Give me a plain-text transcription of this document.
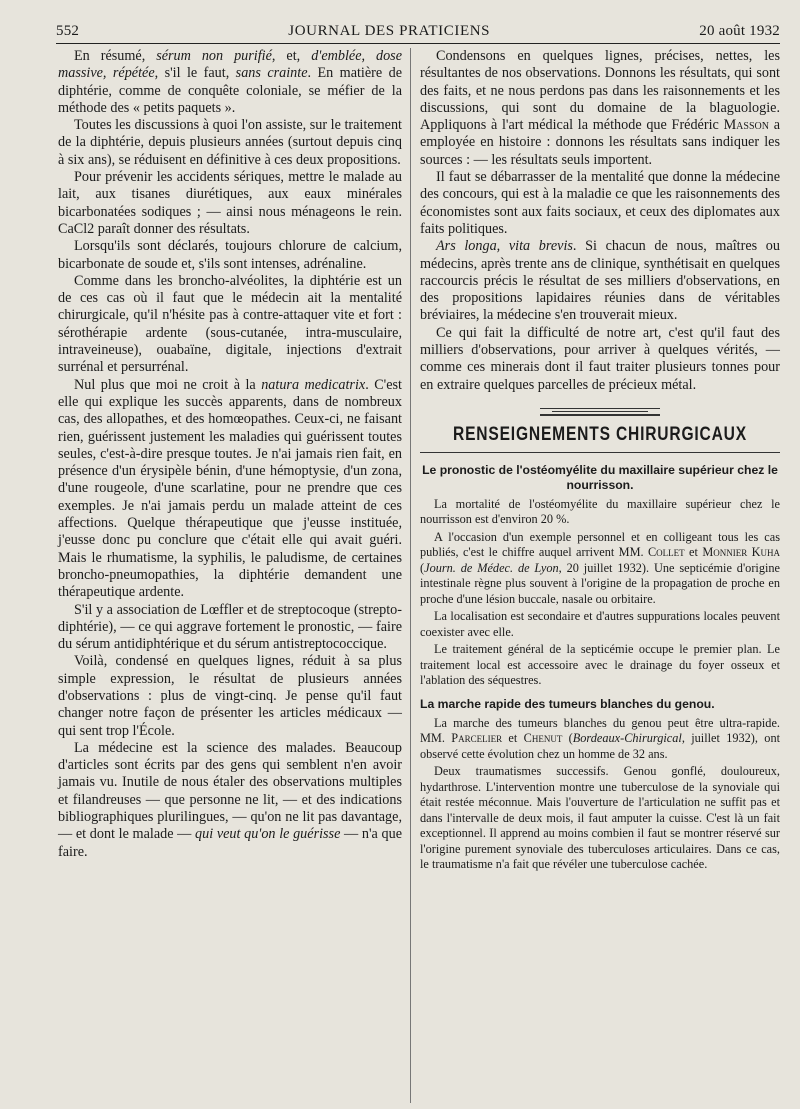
552	JOURNAL DES PRATICIENS	20 août 1932

En résumé, sérum non purifié, et, d'emblée, dose massive, répétée, s'il le faut, sans crainte. En matière de diphtérie, comme de conquête coloniale, se méfier de la méthode des « petits paquets ».

Toutes les discussions à quoi l'on assiste, sur le traitement de la diphtérie, depuis plusieurs années (surtout depuis cinq à six ans), se réduisent en définitive à ces deux propositions.

Pour prévenir les accidents sériques, mettre le malade au lait, aux tisanes diurétiques, aux eaux minérales bicarbonatées sodiques ; — ainsi nous ménageons le rein. CaCl2 paraît donner des résultats.

Lorsqu'ils sont déclarés, toujours chlorure de calcium, bicarbonate de soude et, s'ils sont intenses, adrénaline.

Comme dans les broncho-alvéolites, la diphtérie est un de ces cas où il faut que le médecin ait la mentalité chirurgicale, qu'il n'hésite pas à contre-attaquer vite et fort : sérothérapie ardente (sous-cutanée, intra-musculaire, intraveineuse), ouabaïne, digitale, injections d'extrait surrénal et persurrénal.

Nul plus que moi ne croit à la natura medicatrix. C'est elle qui explique les succès apparents, dans de nombreux cas, des allopathes, et des homœopathes. Ceux-ci, ne faisant rien, guérissent justement les maladies qui guérissent toutes seules, c'est-à-dire presque toutes. Je n'ai jamais rien fait, en présence d'un érysipèle bénin, d'une hémoptysie, d'un zona, d'une rougeole, d'une scarlatine, pour ne prendre que ces exemples. Je n'ai jamais perdu un malade atteint de ces affections. Quelque thérapeutique que j'eusse instituée, j'eusse donc pu conclure que c'était elle qui avait guéri. Mais le rhumatisme, la syphilis, le paludisme, de certaines broncho-pneumopathies, la diphtérie demandent une thérapeutique ardente.

S'il y a association de Lœffler et de streptocoque (strepto-diphtérie), — ce qui aggrave fortement le pronostic, — faire du sérum antidiphtérique et du sérum antistreptococcique.

Voilà, condensé en quelques lignes, réduit à sa plus simple expression, le résultat de plusieurs années d'observations : plus de vingt-cinq. Je pense qu'il faut changer notre façon de présenter les articles médicaux — qui sent trop l'École.

La médecine est la science des malades. Beaucoup d'articles sont écrits par des gens qui semblent n'en avoir jamais vu. Inutile de nous étaler des observations multiples et filandreuses — que personne ne lit, — et des indications bibliographiques plurilingues, — qu'on ne lit pas davantage, — et dont le malade — qui veut qu'on le guérisse — n'a que faire.

Condensons en quelques lignes, précises, nettes, les résultantes de nos observations. Donnons les résultats, qui sont des faits, et ne nous perdons pas dans les raisonnements et les discussions, qui sont du domaine de la blaguologie. Appliquons à l'art médical la méthode que Frédéric Masson a employée en histoire : donnons les résultats sans indiquer les sources : — les résultats seuls importent.

Il faut se débarrasser de la mentalité que donne la médecine des concours, qui est à la maladie ce que les raisonnements des économistes sont aux faits sociaux, et ceux des diplomates aux faits politiques.

Ars longa, vita brevis. Si chacun de nous, maîtres ou médecins, après trente ans de clinique, synthétisait en quelques raccourcis précis le résultat de ses milliers d'observations, en des propositions lapidaires réunies dans de véritables bréviaires, la médecine s'en trouverait mieux.

Ce qui fait la difficulté de notre art, c'est qu'il faut des milliers d'observations, pour arriver à quelques vérités, — comme ces minerais dont il faut traiter plusieurs tonnes pour en extraire quelques parcelles de précieux métal.

RENSEIGNEMENTS CHIRURGICAUX
Le pronostic de l'ostéomyélite du maxillaire supérieur chez le nourrisson.

La mortalité de l'ostéomyélite du maxillaire supérieur chez le nourrisson est d'environ 20 %.

A l'occasion d'un exemple personnel et en colligeant tous les cas publiés, c'est le chiffre auquel arrivent MM. Collet et Monnier Kuha (Journ. de Médec. de Lyon, 20 juillet 1932). Une septicémie d'origine intestinale règne plus souvent à l'origine de la propagation de proche en proche d'une lésion buccale, nasale ou orbitaire.

La localisation est secondaire et d'autres suppurations locales peuvent coexister avec elle.

Le traitement général de la septicémie occupe le premier plan. Le traitement local est accessoire avec le drainage du foyer osseux et l'ablation des séquestres.

La marche rapide des tumeurs blanches du genou.

La marche des tumeurs blanches du genou peut être ultra-rapide. MM. Parcelier et Chenut (Bordeaux-Chirurgical, juillet 1932), ont observé cette évolution chez un homme de 32 ans.

Deux traumatismes successifs. Genou gonflé, douloureux, hydarthrose. L'intervention montre une tuberculose de la synoviale qui était restée méconnue. Mais l'ouverture de l'articulation ne suffit pas et dans l'intervalle de deux mois, il faut amputer la cuisse. C'est là un fait exceptionnel. Il apprend au moins combien il faut se montrer réservé sur l'origine purement synoviale des tuberculoses articulaires. Dans ce cas, le traumatisme n'a fait que révéler une tuberculose cachée.
